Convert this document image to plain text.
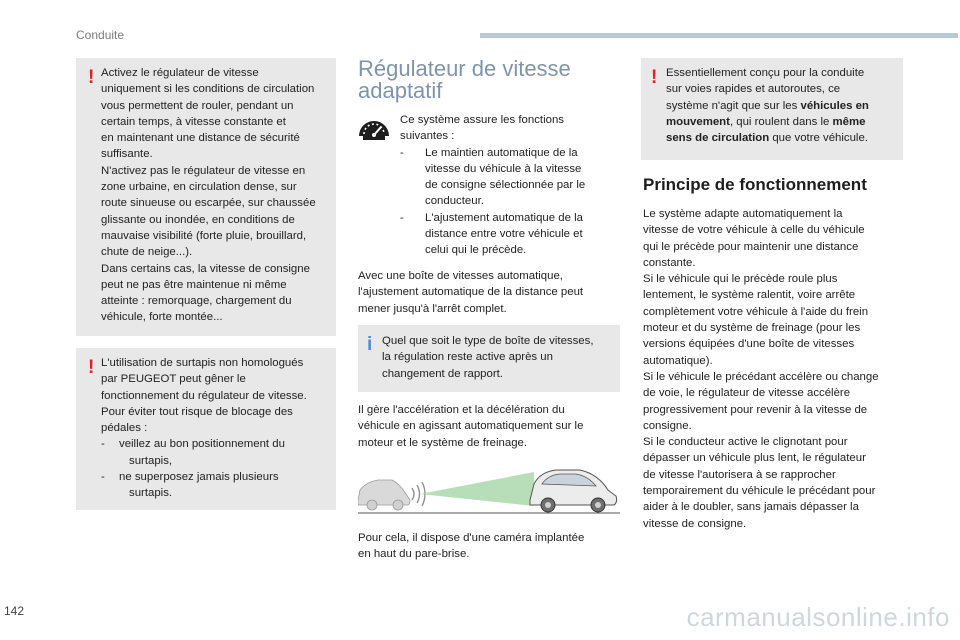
Conduite
! Activez le régulateur de vitesse

uniquement si les conditions de circulation

vous permettent de rouler, pendant un

certain temps, à vitesse constante et

en maintenant une distance de sécurité

suffisante.

N'activez pas le régulateur de vitesse en

zone urbaine, en circulation dense, sur

route sinueuse ou escarpée, sur chaussée

glissante ou inondée, en conditions de

mauvaise visibilité (forte pluie, brouillard,

chute de neige...).

Dans certains cas, la vitesse de consigne

peut ne pas être maintenue ni même

atteinte : remorquage, chargement du

véhicule, forte montée...

! L'utilisation de surtapis non homologués

par PEUGEOT peut gêner le

fonctionnement du régulateur de vitesse.

Pour éviter tout risque de blocage des

pédales :

- veillez au bon positionnement du

surtapis,

- ne superposez jamais plusieurs

surtapis.

Régulateur de vitesse
adaptatif

Ce système assure les fonctions

suivantes :

- Le maintien automatique de la

vitesse du véhicule à la vitesse

de consigne sélectionnée par le

conducteur.

- L'ajustement automatique de la

distance entre votre véhicule et

celui qui le précède.

Avec une boîte de vitesses automatique,

l'ajustement automatique de la distance peut

mener jusqu'à l'arrêt complet.

i Quel que soit le type de boîte de vitesses,

la régulation reste active après un

changement de rapport.

Il gère l'accélération et la décélération du

véhicule en agissant automatiquement sur le

moteur et le système de freinage.

Pour cela, il dispose d'une caméra implantée

en haut du pare-brise.

! Essentiellement conçu pour la conduite

sur voies rapides et autoroutes, ce

système n'agit que sur les véhicules en

mouvement, qui roulent dans le même

sens de circulation que votre véhicule.

Principe de fonctionnement

Le système adapte automatiquement la

vitesse de votre véhicule à celle du véhicule

qui le précède pour maintenir une distance

constante.

Si le véhicule qui le précède roule plus

lentement, le système ralentit, voire arrête

complètement votre véhicule à l'aide du frein

moteur et du système de freinage (pour les

versions équipées d'une boîte de vitesses

automatique).

Si le véhicule le précédant accélère ou change

de voie, le régulateur de vitesse accélère

progressivement pour revenir à la vitesse de

consigne.

Si le conducteur active le clignotant pour

dépasser un véhicule plus lent, le régulateur

de vitesse l'autorisera à se rapprocher

temporairement du véhicule le précédant pour

aider à le doubler, sans jamais dépasser la

vitesse de consigne.

142	carmanualsonline.info
